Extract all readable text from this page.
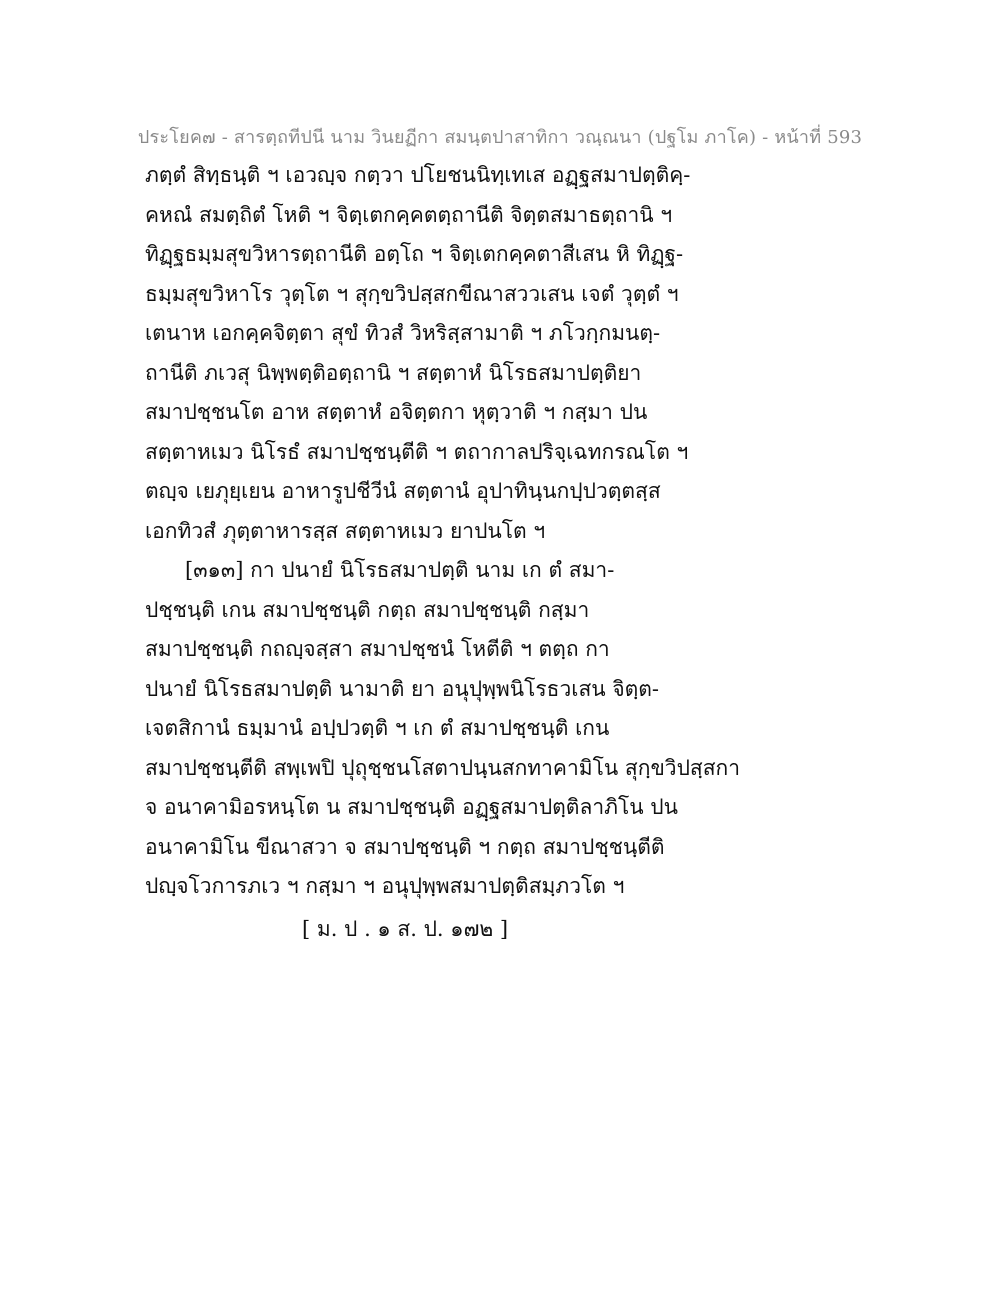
ประโยค๗ - สารตฺถทีปนี นาม วินยฏีกา สมนฺตปาสาทิกา วณฺณนา (ปฐโม ภาโค) - หน้าที่ 593
ภตฺตํ สิทฺธนฺติ ฯ เอวญฺจ กตฺวา ปโยชนนิทฺเทเส อฏฺฐสมาปตฺติคฺ-
คหณํ สมตฺถิตํ โหติ ฯ จิตฺเตกคฺคตตฺถานีติ จิตฺตสมาธตฺถานิ ฯ
ทิฏฺฐธมฺมสุขวิหารตฺถานีติ อตฺโถ ฯ จิตฺเตกคฺคตาสีเสน หิ ทิฏฺฐ-
ธมฺมสุขวิหาโร วุตฺโต ฯ สุกฺขวิปสฺสกขีณาสววเสน เจตํ วุตฺตํ ฯ
เตนาห เอกคฺคจิตฺตา สุขํ ทิวสํ วิหริสฺสามาติ ฯ ภโวกฺกมนตฺ-
ถานีติ ภเวสุ นิพฺพตฺติอตฺถานิ ฯ สตฺตาหํ นิโรธสมาปตฺติยา
สมาปชฺชนโต อาห สตฺตาหํ อจิตฺตกา หุตฺวาติ ฯ กสฺมา ปน
สตฺตาหเมว นิโรธํ สมาปชฺชนฺตีติ ฯ ตถากาลปริจฺเฉทกรณโต ฯ
ตญฺจ เยภุยฺเยน อาหารูปชีวีนํ สตฺตานํ อุปาทินฺนกปฺปวตฺตสฺส
เอกทิวสํ ภุตฺตาหารสฺส สตฺตาหเมว ยาปนโต ฯ
[๓๑๓] กา ปนายํ นิโรธสมาปตฺติ นาม เก ตํ สมา-
ปชฺชนฺติ เกน สมาปชฺชนฺติ กตฺถ สมาปชฺชนฺติ กสฺมา
สมาปชฺชนฺติ กถญฺจสฺสา สมาปชฺชนํ โหตีติ ฯ ตตฺถ กา
ปนายํ นิโรธสมาปตฺติ นามาติ ยา อนุปุพฺพนิโรธวเสน จิตฺต-
เจตสิกานํ ธมฺมานํ อปฺปวตฺติ ฯ เก ตํ สมาปชฺชนฺติ เกน
สมาปชฺชนฺตีติ สพฺเพปิ ปุถุชฺชนโสตาปนฺนสกทาคามิโน สุกฺขวิปสฺสกา
จ อนาคามิอรหนฺโต น สมาปชฺชนฺติ อฏฺฐสมาปตฺติลาภิโน ปน
อนาคามิโน ขีณาสวา จ สมาปชฺชนฺติ ฯ กตฺถ สมาปชฺชนฺตีติ
ปญฺจโวการภเว ฯ กสฺมา ฯ อนุปุพฺพสมาปตฺติสมฺภวโต ฯ
[ ม. ป . ๑ ส. ป. ๑๗๒ ]
